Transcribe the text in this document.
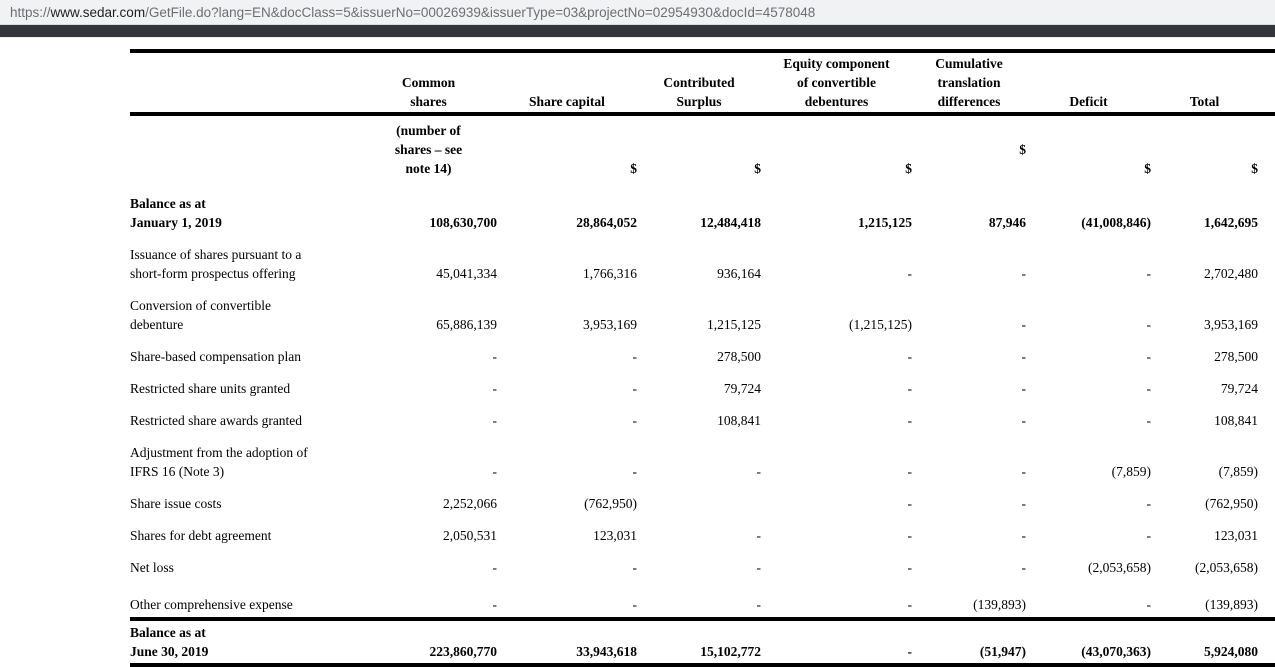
https:// www.sedar.com /GetFile.do?lang=EN&docClass=5&issuerNo=00026939&issuerType=03&projectNo=02954930&docId=4578048
	Common
shares	Share capital	Contributed
Surplus	Equity component
of convertible
debentures	Cumulative
translation
differences	Deficit	Total
	(number of
shares – see
note 14)	$	$	$	$	$	$
Balance as at
January 1, 2019	108,630,700	28,864,052	12,484,418	1,215,125	87,946	(41,008,846)	1,642,695
Issuance of shares pursuant to a
short-form prospectus offering	45,041,334	1,766,316	936,164	-	-	-	2,702,480
Conversion of convertible
debenture	65,886,139	3,953,169	1,215,125	(1,215,125)	-	-	3,953,169
Share-based compensation plan	-	-	278,500	-	-	-	278,500
Restricted share units granted	-	-	79,724	-	-	-	79,724
Restricted share awards granted	-	-	108,841	-	-	-	108,841
Adjustment from the adoption of
IFRS 16 (Note 3)	-	-	-	-	-	(7,859)	(7,859)
Share issue costs	2,252,066	(762,950)		-	-	-	(762,950)
Shares for debt agreement	2,050,531	123,031	-	-	-	-	123,031
Net loss	-	-	-	-	-	(2,053,658)	(2,053,658)
Other comprehensive expense	-	-	-	-	(139,893)	-	(139,893)
Balance as at
June 30, 2019	223,860,770	33,943,618	15,102,772	-	(51,947)	(43,070,363)	5,924,080
